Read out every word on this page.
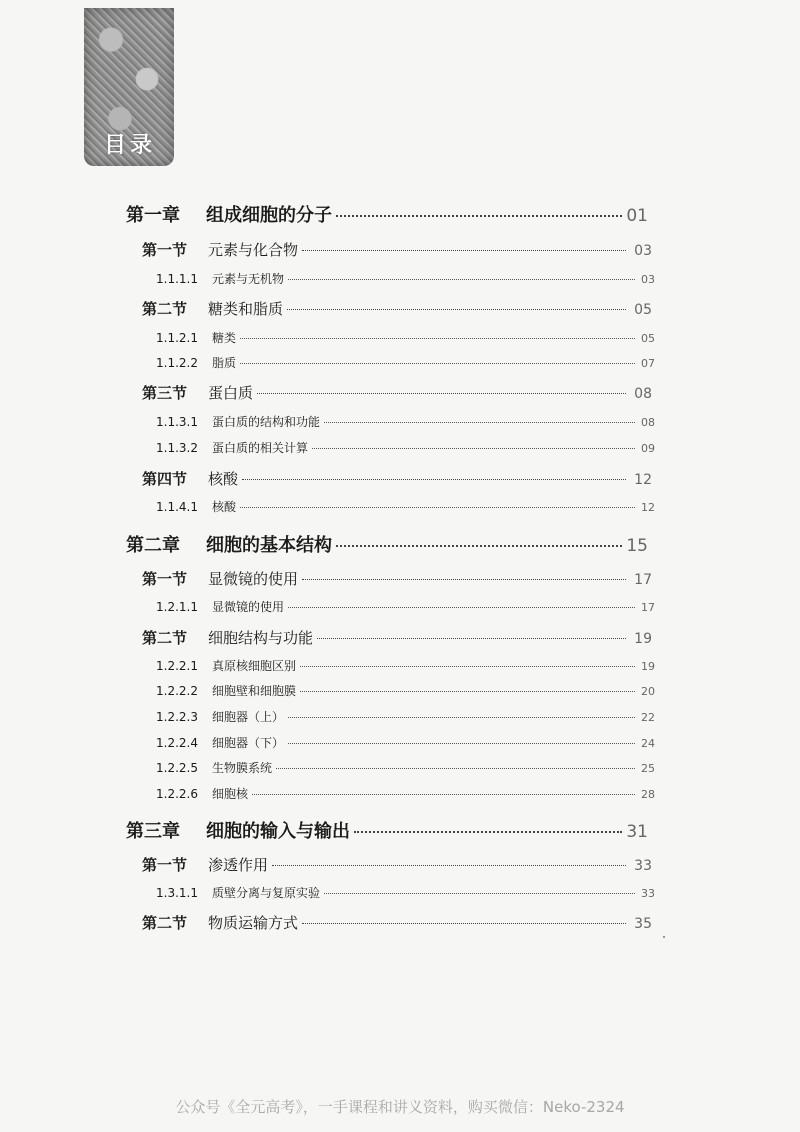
目录
第一章	组成细胞的分子	01
第一节	元素与化合物	03
1.1.1.1	元素与无机物	03
第二节	糖类和脂质	05
1.1.2.1	糖类	05
1.1.2.2	脂质	07
第三节	蛋白质	08
1.1.3.1	蛋白质的结构和功能	08
1.1.3.2	蛋白质的相关计算	09
第四节	核酸	12
1.1.4.1	核酸	12
第二章	细胞的基本结构	15
第一节	显微镜的使用	17
1.2.1.1	显微镜的使用	17
第二节	细胞结构与功能	19
1.2.2.1	真原核细胞区别	19
1.2.2.2	细胞壁和细胞膜	20
1.2.2.3	细胞器（上）	22
1.2.2.4	细胞器（下）	24
1.2.2.5	生物膜系统	25
1.2.2.6	细胞核	28
第三章	细胞的输入与输出	31
第一节	渗透作用	33
1.3.1.1	质壁分离与复原实验	33
第二节	物质运输方式	35
公众号《全元高考》，一手课程和讲义资料，购买微信：Neko-2324
